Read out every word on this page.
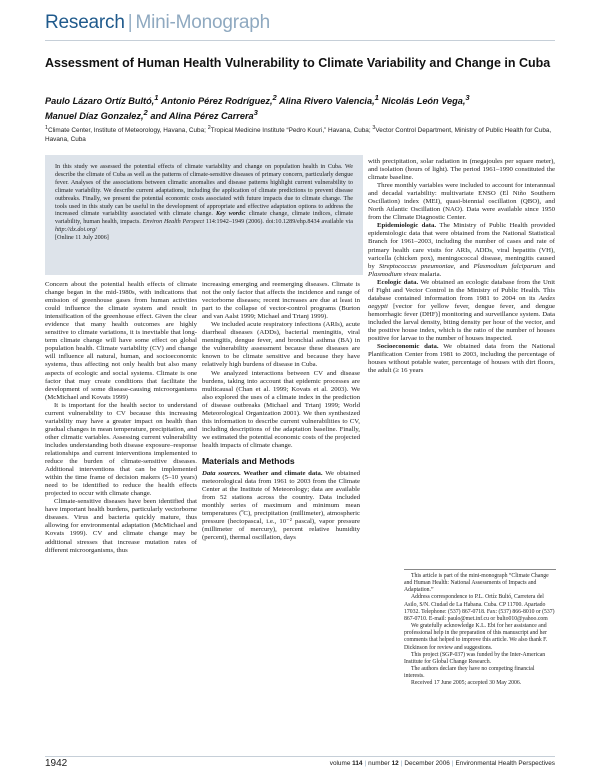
Research | Mini-Monograph
Assessment of Human Health Vulnerability to Climate Variability and Change in Cuba
Paulo Lázaro Ortíz Bultó,$^1$ Antonio Pérez Rodríguez,$^2$ Alina Rivero Valencia,$^1$ Nicolás León Vega,$^3$
Manuel Díaz Gonzalez,$^2$ and Alina Pérez Carrera$^3$
$^1$Climate Center, Institute of Meteorology, Havana, Cuba; $^2$Tropical Medicine Institute “Pedro Kouri,” Havana, Cuba; $^3$Vector Control Department, Ministry of Public Health for Cuba, Havana, Cuba

In this study we assessed the potential effects of climate variability and change on population health in Cuba. We describe the climate of Cuba as well as the patterns of climate-sensitive diseases of primary concern, particularly dengue fever. Analyses of the associations between climatic anomalies and disease patterns highlight current vulnerability to climate variability. We describe current adaptations, including the application of climate predictions to prevent disease outbreaks. Finally, we present the potential economic costs associated with future impacts due to climate change. The tools used in this study can be useful in the development of appropriate and effective adaptation options to address the increased climate variability associated with climate change. Key words: climate change, climate indices, climate variability, human health, impacts. Environ Health Perspect 114:1942–1949 (2006). doi:10.1289/ehp.8434 available via http://dx.doi.org/
[Online 11 July 2006]

Concern about the potential health effects of climate change began in the mid-1980s, with indications that emission of greenhouse gases from human activities could influence the climate system and result in intensification of the greenhouse effect. Given the clear evidence that many health outcomes are highly sensitive to climate variations, it is inevitable that long-term climate change will have some effect on global population health. Climate variability (CV) and change will influence all natural, human, and socioeconomic systems, thus affecting not only health but also many aspects of ecologic and social systems. Climate is one factor that may create conditions that facilitate the development of some disease-causing microorganisms (McMichael and Kovats 1999)

It is important for the health sector to understand current vulnerability to CV because this increasing variability may have a greater impact on health than gradual changes in mean temperature, precipitation, and other climatic variables. Assessing current vulnerability includes understanding both disease exposure–response relationships and current interventions implemented to reduce the burden of climate-sensitive diseases. Additional interventions that can be implemented within the time frame of decision makers (5–10 years) need to be identified to reduce the health effects projected to occur with climate change.

Climate-sensitive diseases have been identified that have important health burdens, particularly vectorborne diseases. Virus and bacteria quickly mature, thus allowing for environmental adaptation (McMichael and Kovats 1999). CV and climate change may be additional stresses that increase mutation rates of different microorganisms, thus

increasing emerging and reemerging diseases. Climate is not the only factor that affects the incidence and range of vectorborne diseases; recent increases are due at least in part to the collapse of vector-control programs (Burton and van Aalst 1999; Michael and Trtanj 1999).

We included acute respiratory infections (ARIs), acute diarrheal diseases (ADDs), bacterial meningitis, viral meningitis, dengue fever, and bronchial asthma (BA) in the vulnerability assessment because these diseases are known to be climate sensitive and because they have relatively high burdens of disease in Cuba.

We analyzed interactions between CV and disease burdens, taking into account that epidemic processes are multicausal (Chan et al. 1999; Kovats et al. 2003). We also explored the uses of a climate index in the prediction of disease outbreaks (Michael and Trtanj 1999; World Meteorological Organization 2001). We then synthesized this information to describe current vulnerabilities to CV, including descriptions of the adaptation baseline. Finally, we estimated the potential economic costs of the projected health impacts of climate change.

Materials and Methods

Data sources. Weather and climate data. We obtained meteorological data from 1961 to 2003 from the Climate Center at the Institute of Meteorology; data are available from 52 stations across the country. Data included monthly series of maximum and minimum mean temperatures (ºC), precipitation (millimeter), atmospheric pressure (hectopascal, i.e., 10⁻² pascal), vapor pressure (millimeter of mercury), percent relative humidity (percent), thermal oscillation, days

with precipitation, solar radiation in (megajoules per square meter), and isolation (hours of light). The period 1961–1990 constituted the climate baseline.

Three monthly variables were included to account for interannual and decadal variability: multivariate ENSO (El Niño Southern Oscillation) index (MEI), quasi-biennial oscillation (QBO), and North Atlantic Oscillation (NAO). Data were available since 1950 from the Climate Diagnostic Center.

Epidemiologic data. The Ministry of Public Health provided epidemiologic data that were obtained from the National Statistical Branch for 1961–2003, including the number of cases and rate of primary health care visits for ARIs, ADDs, viral hepatitis (VH), varicella (chicken pox), meningococcal disease, meningitis caused by Streptococcus pneumoniae, and Plasmodium falciparum and Plasmodium vivax malaria.

Ecologic data. We obtained an ecologic database from the Unit of Fight and Vector Control in the Ministry of Public Health. This database contained information from 1981 to 2004 on its Aedes aegypti [vector for yellow fever, dengue fever, and dengue hemorrhagic fever (DHF)] monitoring and surveillance system. Data included the larval density, biting density per hour of the vector, and the positive house index, which is the ratio of the number of houses positive for larvae to the number of houses inspected.

Socioeconomic data. We obtained data from the National Planification Center from 1981 to 2003, including the percentage of houses without potable water, percentage of houses with dirt floors, the adult (≥ 16 years

This article is part of the mini-monograph “Climate Change and Human Health: National Assessments of Impacts and Adaptation.”

Address correspondence to P.L. Ortíz Bultó, Carretera del Asilo, S/N. Ciudad de La Habana. Cuba. CP 11700. Apartado 17032. Telephone: (537) 867-0718. Fax: (537) 866-8010 or (537) 867-0710. E-mail: paulo@met.inf.cu or bulto010@yahoo.com

We gratefully acknowledge K.L. Ebi for her assistance and professional help in the preparation of this manuscript and her comments that helped to improve this article. We also thank F. Dickinson for review and suggestions.

This project (SGP-037) was funded by the Inter-American Institute for Global Change Research.

The authors declare they have no competing financial interests.

Received 17 June 2005; accepted 30 May 2006.

1942	volume 114 | number 12 | December 2006 | Environmental Health Perspectives
